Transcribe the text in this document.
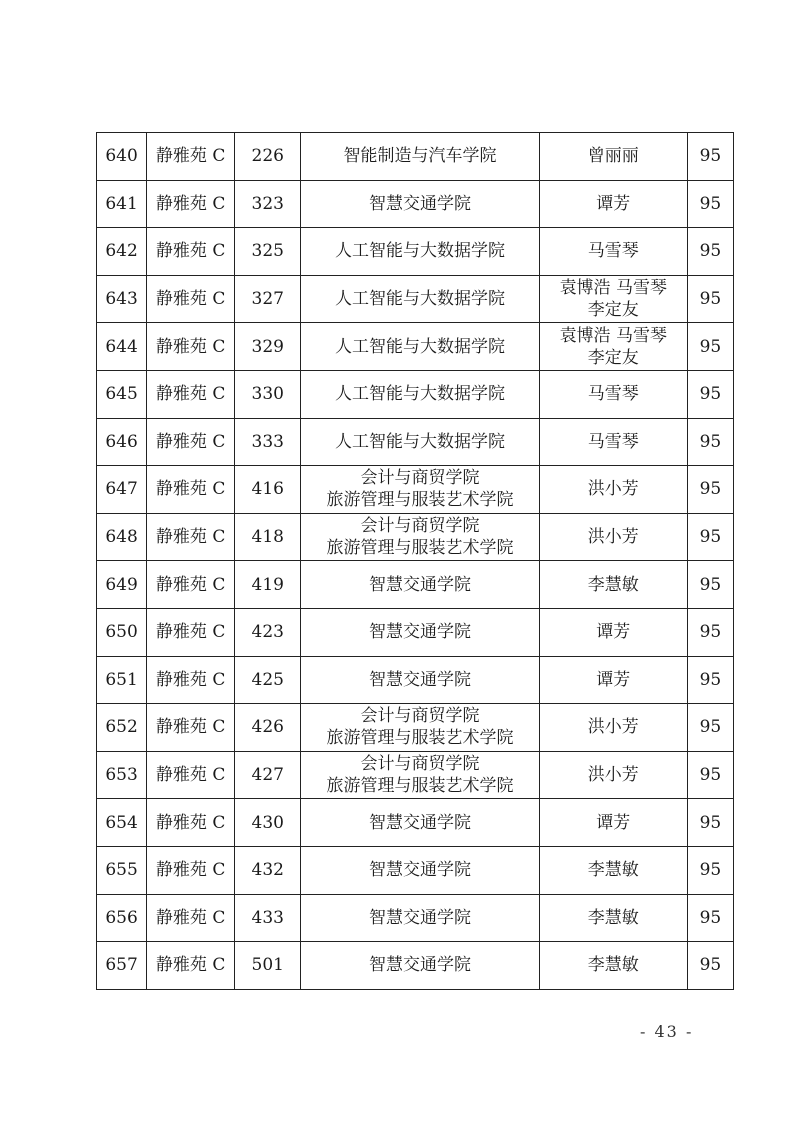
640	静雅苑 C	226	智能制造与汽车学院	曾丽丽	95
641	静雅苑 C	323	智慧交通学院	谭芳	95
642	静雅苑 C	325	人工智能与大数据学院	马雪琴	95
643	静雅苑 C	327	人工智能与大数据学院	袁博浩 马雪琴
李定友	95
644	静雅苑 C	329	人工智能与大数据学院	袁博浩 马雪琴
李定友	95
645	静雅苑 C	330	人工智能与大数据学院	马雪琴	95
646	静雅苑 C	333	人工智能与大数据学院	马雪琴	95
647	静雅苑 C	416	会计与商贸学院
旅游管理与服装艺术学院	洪小芳	95
648	静雅苑 C	418	会计与商贸学院
旅游管理与服装艺术学院	洪小芳	95
649	静雅苑 C	419	智慧交通学院	李慧敏	95
650	静雅苑 C	423	智慧交通学院	谭芳	95
651	静雅苑 C	425	智慧交通学院	谭芳	95
652	静雅苑 C	426	会计与商贸学院
旅游管理与服装艺术学院	洪小芳	95
653	静雅苑 C	427	会计与商贸学院
旅游管理与服装艺术学院	洪小芳	95
654	静雅苑 C	430	智慧交通学院	谭芳	95
655	静雅苑 C	432	智慧交通学院	李慧敏	95
656	静雅苑 C	433	智慧交通学院	李慧敏	95
657	静雅苑 C	501	智慧交通学院	李慧敏	95
- 43 -
